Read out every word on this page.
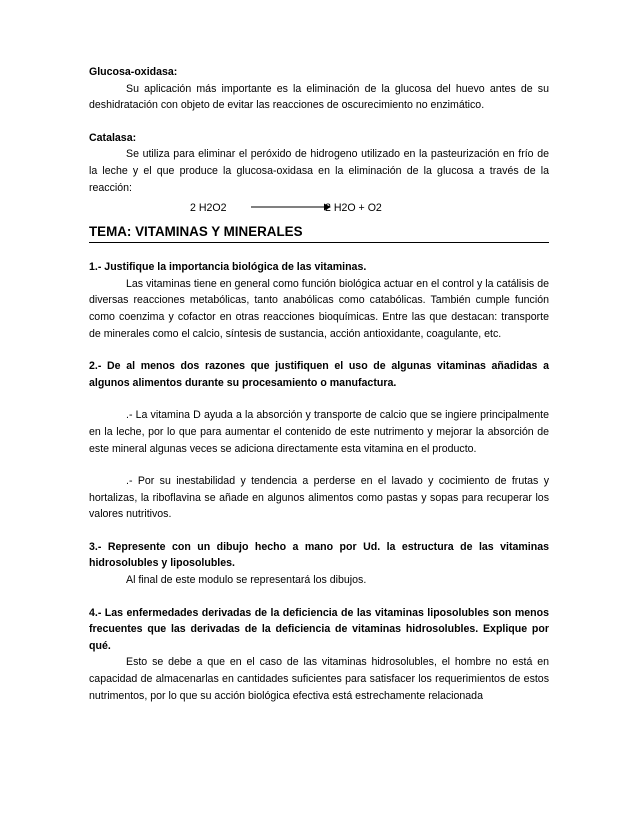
Glucosa-oxidasa:

Su aplicación más importante es la eliminación de la glucosa del huevo antes de su deshidratación con objeto de evitar las reacciones de oscurecimiento no enzimático.

Catalasa:

Se utiliza para eliminar el peróxido de hidrogeno utilizado en la pasteurización en frío de la leche y el que produce la glucosa-oxidasa en la eliminación de la glucosa a través de la reacción:

2 H2O2	2 H2O + O2
TEMA: VITAMINAS Y MINERALES

1.- Justifique la importancia biológica de las vitaminas.

Las vitaminas tiene en general como función biológica actuar en el control y la catálisis de diversas reacciones metabólicas, tanto anabólicas como catabólicas. También cumple función como coenzima y cofactor en otras reacciones bioquímicas. Entre las que destacan: transporte de minerales como el calcio, síntesis de sustancia, acción antioxidante, coagulante, etc.

2.- De al menos dos razones que justifiquen el uso de algunas vitaminas añadidas a algunos alimentos durante su procesamiento o manufactura.

.- La vitamina D ayuda a la absorción y transporte de calcio que se ingiere principalmente en la leche, por lo que para aumentar el contenido de este nutrimento y mejorar la absorción de este mineral algunas veces se adiciona directamente esta vitamina en el producto.

.- Por su inestabilidad y tendencia a perderse en el lavado y cocimiento de frutas y hortalizas, la riboflavina se añade en algunos alimentos como pastas y sopas para recuperar los valores nutritivos.

3.- Represente con un dibujo hecho a mano por Ud. la estructura de las vitaminas hidrosolubles y liposolubles.

Al final de este modulo se representará los dibujos.

4.- Las enfermedades derivadas de la deficiencia de las vitaminas liposolubles son menos frecuentes que las derivadas de la deficiencia de vitaminas hidrosolubles. Explique por qué.

Esto se debe a que en el caso de las vitaminas hidrosolubles, el hombre no está en capacidad de almacenarlas en cantidades suficientes para satisfacer los requerimientos de estos nutrimentos, por lo que su acción biológica efectiva está estrechamente relacionada
